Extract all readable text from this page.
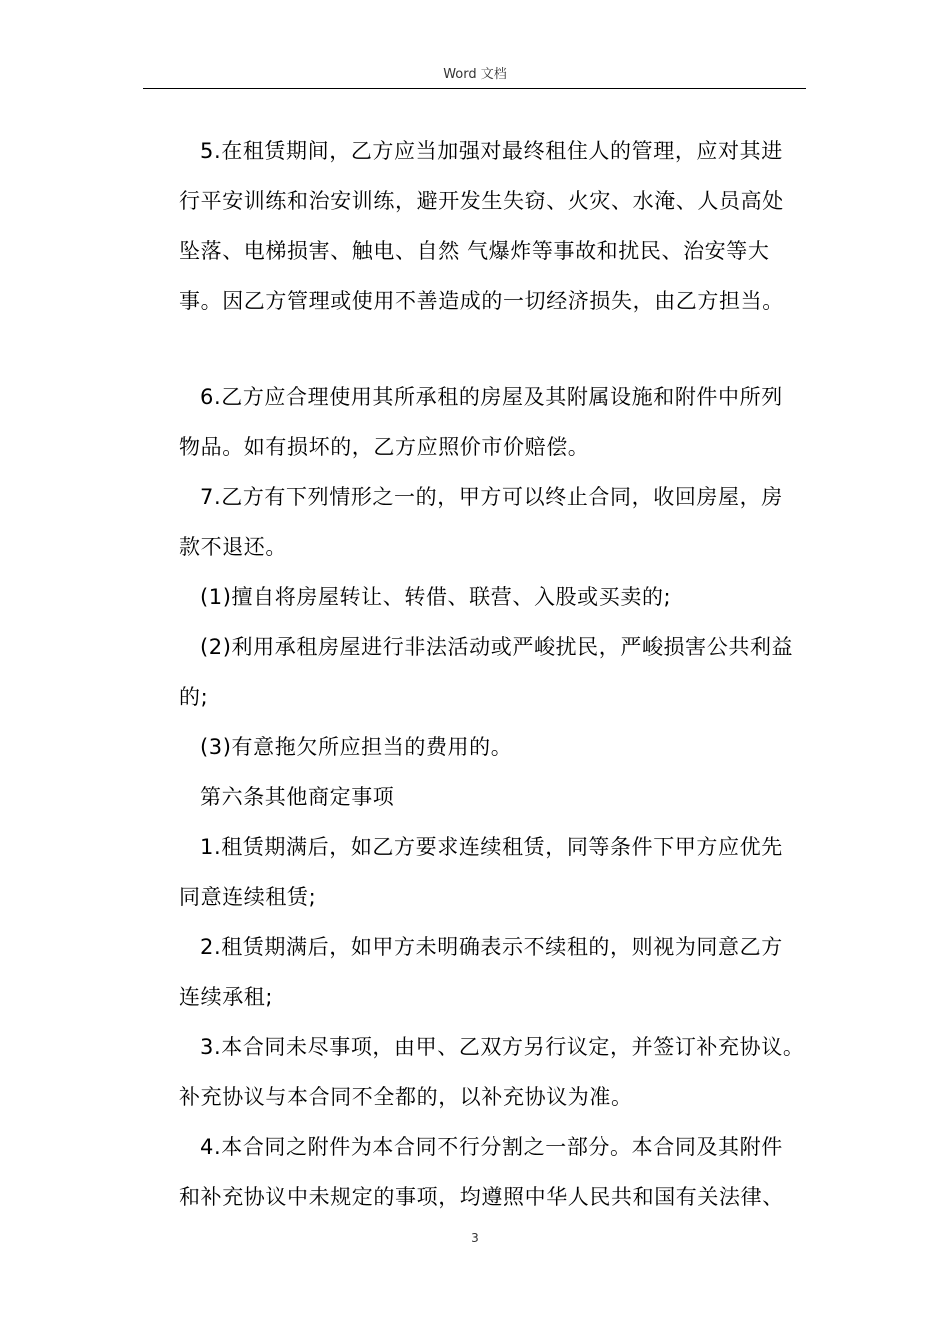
Word 文档

5.在租赁期间，乙方应当加强对最终租住人的管理，应对其进
行平安训练和治安训练，避开发生失窃、火灾、水淹、人员高处
坠落、电梯损害、触电、自然 气爆炸等事故和扰民、治安等大
事。因乙方管理或使用不善造成的一切经济损失，由乙方担当。

6.乙方应合理使用其所承租的房屋及其附属设施和附件中所列
物品。如有损坏的，乙方应照价市价赔偿。

7.乙方有下列情形之一的，甲方可以终止合同，收回房屋，房
款不退还。

(1)擅自将房屋转让、转借、联营、入股或买卖的;

(2)利用承租房屋进行非法活动或严峻扰民，严峻损害公共利益
的;

(3)有意拖欠所应担当的费用的。

第六条其他商定事项

1.租赁期满后，如乙方要求连续租赁，同等条件下甲方应优先
同意连续租赁;

2.租赁期满后，如甲方未明确表示不续租的，则视为同意乙方
连续承租;

3.本合同未尽事项，由甲、乙双方另行议定，并签订补充协议。
补充协议与本合同不全都的，以补充协议为准。

4.本合同之附件为本合同不行分割之一部分。本合同及其附件
和补充协议中未规定的事项，均遵照中华人民共和国有关法律、

3
